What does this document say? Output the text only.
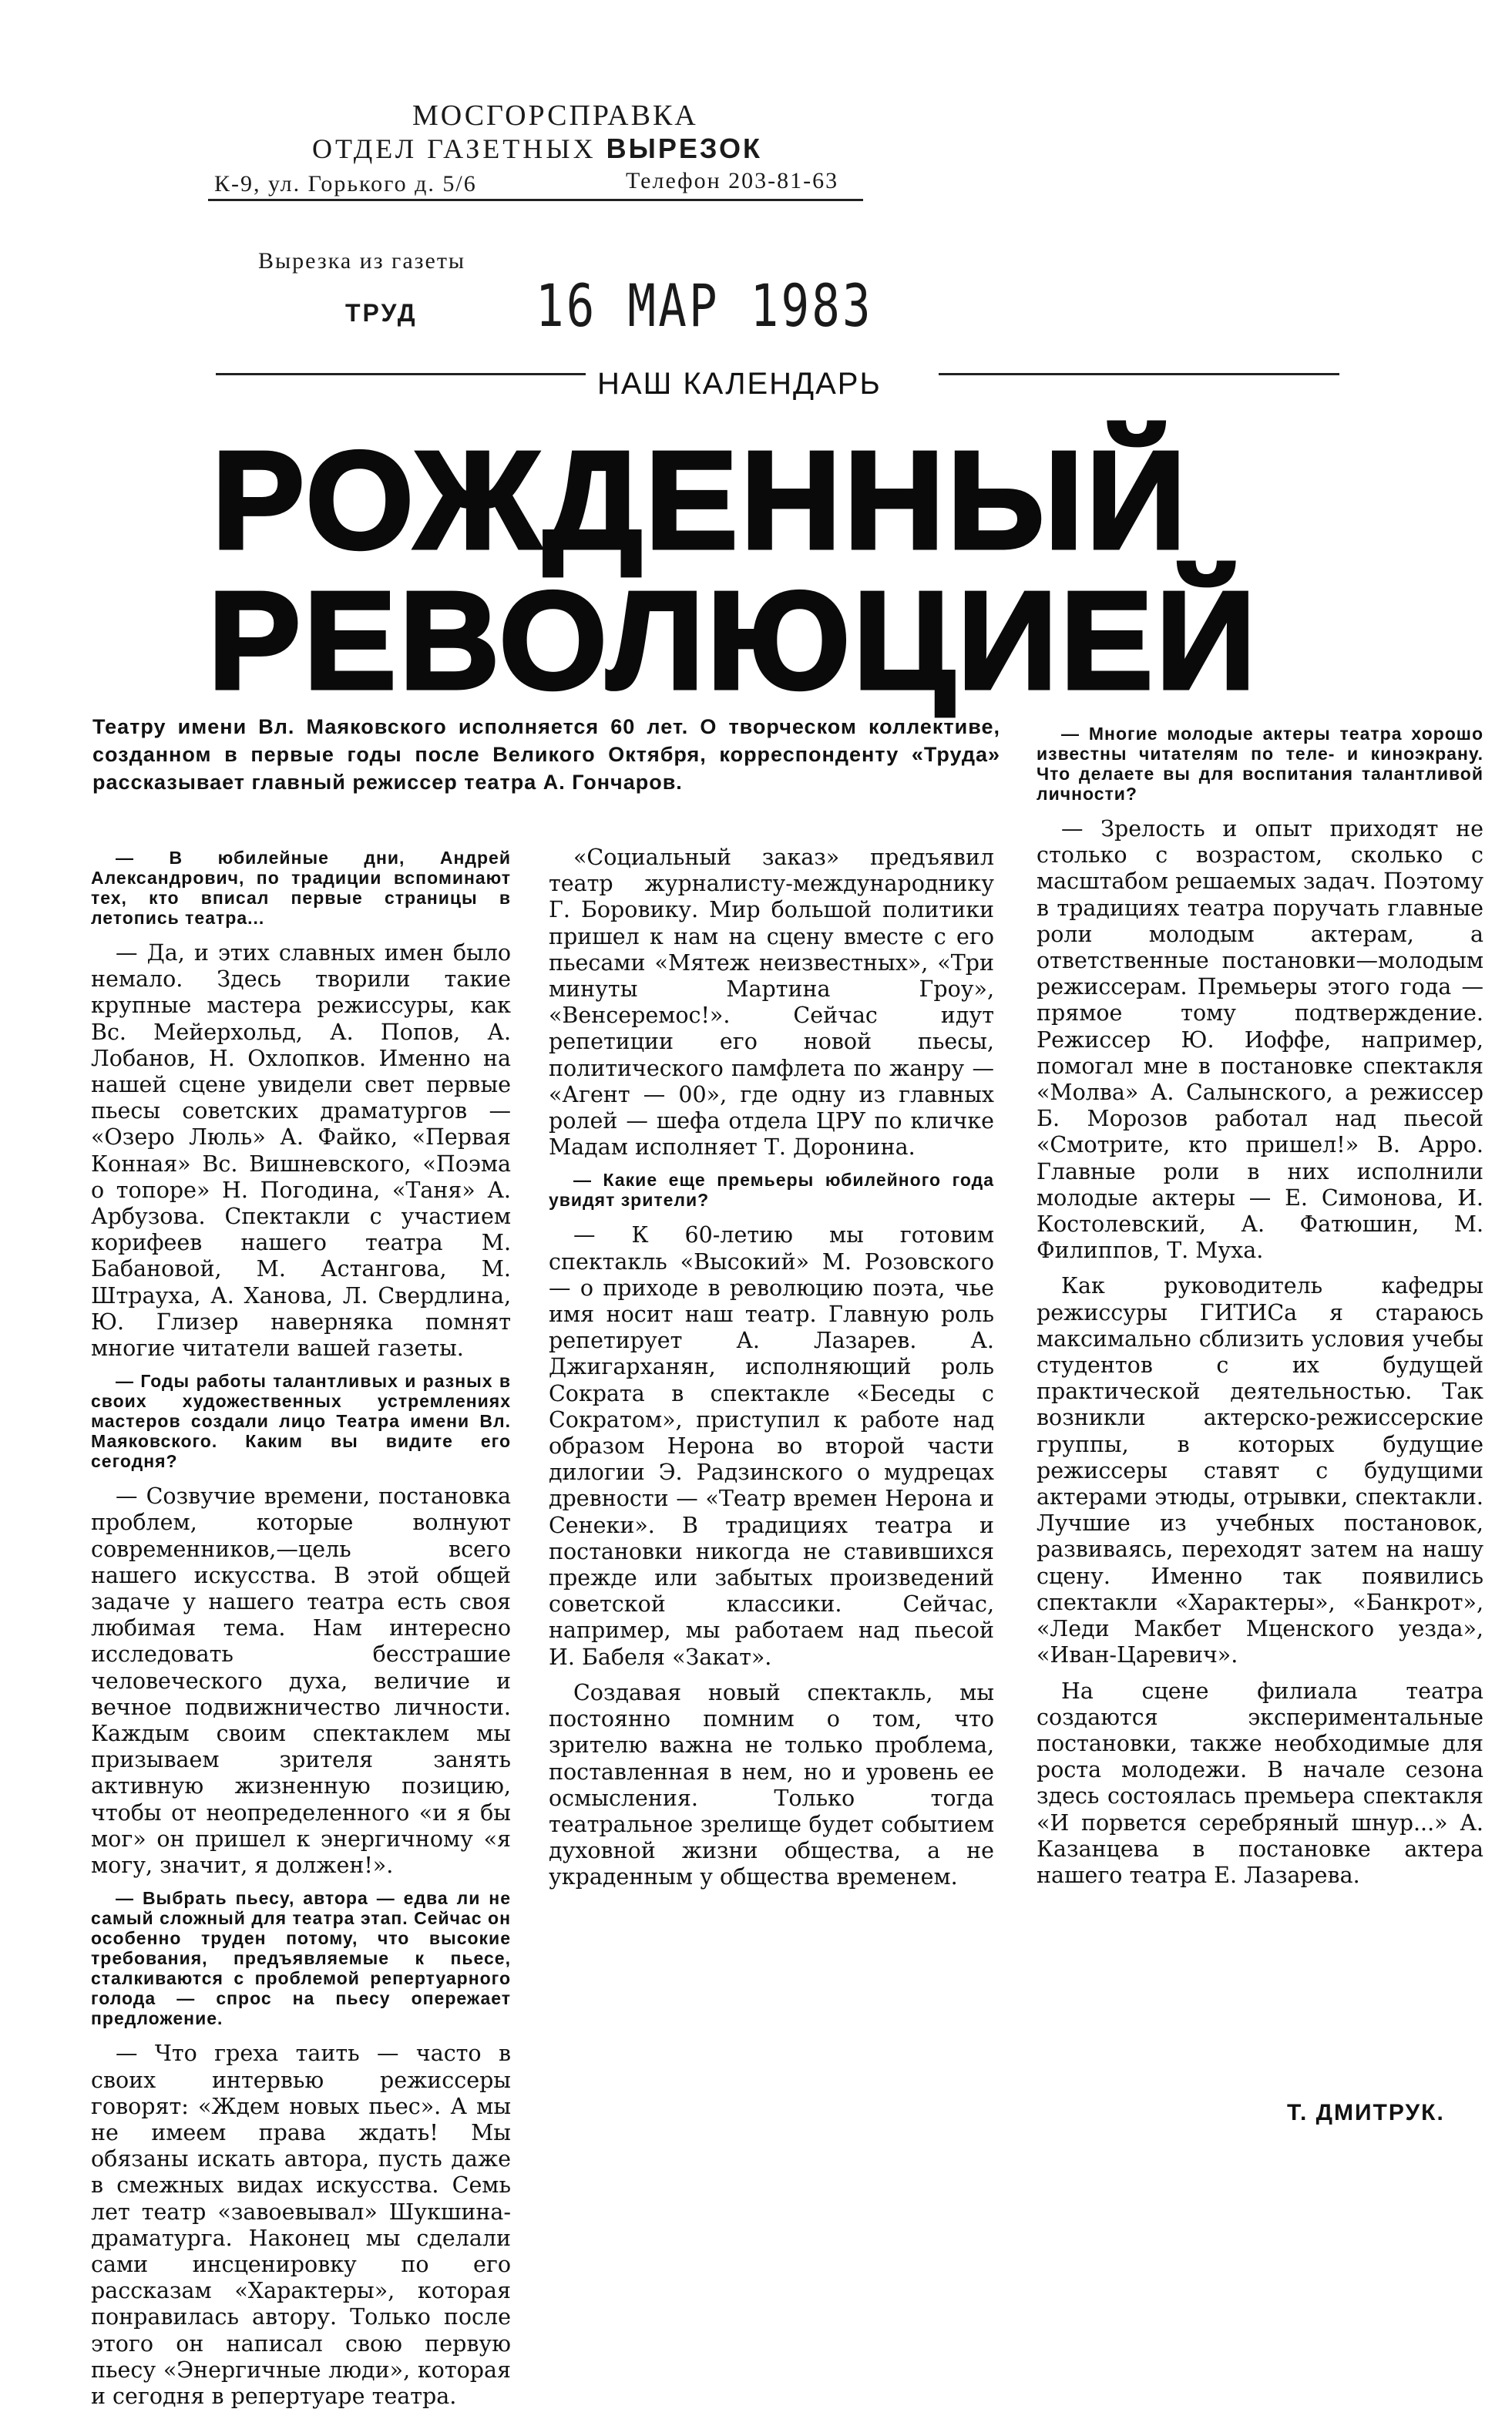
МОСГОРСПРАВКА
ОТДЕЛ ГАЗЕТНЫХ ВЫРЕЗОК
К-9, ул. Горького д. 5/6	Телефон 203-81-63
Вырезка из газеты
ТРУД 16 МАР 1983
НАШ КАЛЕНДАРЬ
РОЖДЕННЫЙ
РЕВОЛЮЦИЕЙ
Театру имени Вл. Маяковского исполняется 60 лет. О творческом коллективе, созданном в первые годы после Великого Октября, корреспонденту «Труда» рассказывает главный режиссер театра А. Гончаров.

— В юбилейные дни, Андрей Александрович, по традиции вспоминают тех, кто вписал первые страницы в летопись театра...

— Да, и этих славных имен было немало. Здесь творили такие крупные мастера режиссуры, как Вс. Мейерхольд, А. Попов, А. Лобанов, Н. Охлопков. Именно на нашей сцене увидели свет первые пьесы советских драматургов — «Озеро Люль» А. Файко, «Первая Конная» Вс. Вишневского, «Поэма о топоре» Н. Погодина, «Таня» А. Арбузова. Спектакли с участием корифеев нашего театра М. Бабановой, М. Астангова, М. Штрауха, А. Ханова, Л. Свердлина, Ю. Глизер наверняка помнят многие читатели вашей газеты.

— Годы работы талантливых и разных в своих художественных устремлениях мастеров создали лицо Театра имени Вл. Маяковского. Каким вы видите его сегодня?

— Созвучие времени, постановка проблем, которые волнуют современников,—цель всего нашего искусства. В этой общей задаче у нашего театра есть своя любимая тема. Нам интересно исследовать бесстрашие человеческого духа, величие и вечное подвижничество личности. Каждым своим спектаклем мы призываем зрителя занять активную жизненную позицию, чтобы от неопределенного «и я бы мог» он пришел к энергичному «я могу, значит, я должен!».

— Выбрать пьесу, автора — едва ли не самый сложный для театра этап. Сейчас он особенно труден потому, что высокие требования, предъявляемые к пьесе, сталкиваются с проблемой репертуарного голода — спрос на пьесу опережает предложение.

— Что греха таить — часто в своих интервью режиссеры говорят: «Ждем новых пьес». А мы не имеем права ждать! Мы обязаны искать автора, пусть даже в смежных видах искусства. Семь лет театр «завоевывал» Шукшина-драматурга. Наконец мы сделали сами инсценировку по его рассказам «Характеры», которая понравилась автору. Только после этого он написал свою первую пьесу «Энергичные люди», которая и сегодня в репертуаре театра.

«Социальный заказ» предъявил театр журналисту-международнику Г. Боровику. Мир большой политики пришел к нам на сцену вместе с его пьесами «Мятеж неизвестных», «Три минуты Мартина Гроу», «Венсеремос!». Сейчас идут репетиции его новой пьесы, политического памфлета по жанру — «Агент — 00», где одну из главных ролей — шефа отдела ЦРУ по кличке Мадам исполняет Т. Доронина.

— Какие еще премьеры юбилейного года увидят зрители?

— К 60-летию мы готовим спектакль «Высокий» М. Розовского — о приходе в революцию поэта, чье имя носит наш театр. Главную роль репетирует А. Лазарев. А. Джигарханян, исполняющий роль Сократа в спектакле «Беседы с Сократом», приступил к работе над образом Нерона во второй части дилогии Э. Радзинского о мудрецах древности — «Театр времен Нерона и Сенеки». В традициях театра и постановки никогда не ставившихся прежде или забытых произведений советской классики. Сейчас, например, мы работаем над пьесой И. Бабеля «Закат».

Создавая новый спектакль, мы постоянно помним о том, что зрителю важна не только проблема, поставленная в нем, но и уровень ее осмысления. Только тогда театральное зрелище будет событием духовной жизни общества, а не украденным у общества временем.

— Многие молодые актеры театра хорошо известны читателям по теле- и киноэкрану. Что делаете вы для воспитания талантливой личности?

— Зрелость и опыт приходят не столько с возрастом, сколько с масштабом решаемых задач. Поэтому в традициях театра поручать главные роли молодым актерам, а ответственные постановки—молодым режиссерам. Премьеры этого года — прямое тому подтверждение. Режиссер Ю. Иоффе, например, помогал мне в постановке спектакля «Молва» А. Салынского, а режиссер Б. Морозов работал над пьесой «Смотрите, кто пришел!» В. Арро. Главные роли в них исполнили молодые актеры — Е. Симонова, И. Костолевский, А. Фатюшин, М. Филиппов, Т. Муха.

Как руководитель кафедры режиссуры ГИТИСа я стараюсь максимально сблизить условия учебы студентов с их будущей практической деятельностью. Так возникли актерско-режиссерские группы, в которых будущие режиссеры ставят с будущими актерами этюды, отрывки, спектакли. Лучшие из учебных постановок, развиваясь, переходят затем на нашу сцену. Именно так появились спектакли «Характеры», «Банкрот», «Леди Макбет Мценского уезда», «Иван-Царевич».

На сцене филиала театра создаются экспериментальные постановки, также необходимые для роста молодежи. В начале сезона здесь состоялась премьера спектакля «И порвется серебряный шнур...» А. Казанцева в постановке актера нашего театра Е. Лазарева.

Т. ДМИТРУК.
